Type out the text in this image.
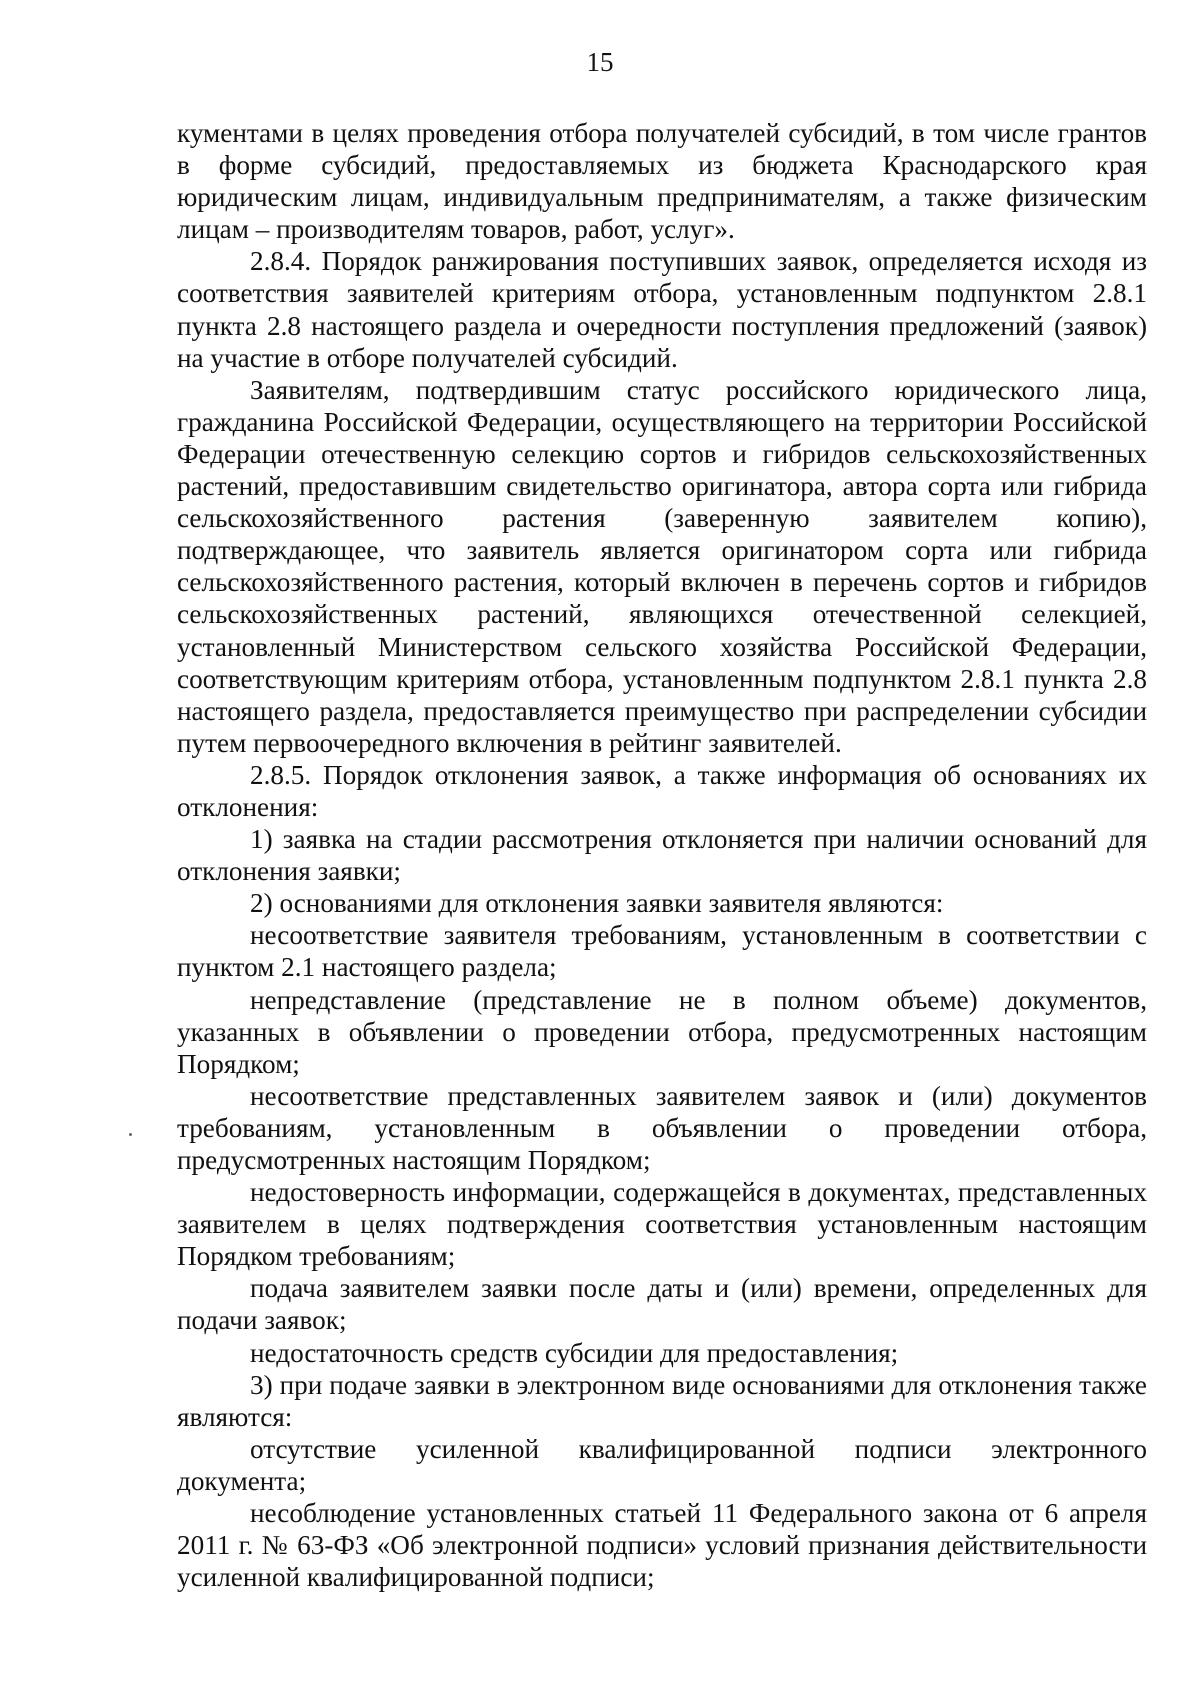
15

кументами в целях проведения отбора получателей субсидий, в том числе грантов в форме субсидий, предоставляемых из бюджета Краснодарского края юридическим лицам, индивидуальным предпринимателям, а также физическим лицам – производителям товаров, работ, услуг».

2.8.4. Порядок ранжирования поступивших заявок, определяется исходя из соответствия заявителей критериям отбора, установленным подпунктом 2.8.1 пункта 2.8 настоящего раздела и очередности поступления предложений (заявок) на участие в отборе получателей субсидий.

Заявителям, подтвердившим статус российского юридического лица, гражданина Российской Федерации, осуществляющего на территории Российской Федерации отечественную селекцию сортов и гибридов сельскохозяйственных растений, предоставившим свидетельство оригинатора, автора сорта или гибрида сельскохозяйственного растения (заверенную заявителем копию), подтверждающее, что заявитель является оригинатором сорта или гибрида сельскохозяйственного растения, который включен в перечень сортов и гибридов сельскохозяйственных растений, являющихся отечественной селекцией, установленный Министерством сельского хозяйства Российской Федерации, соответствующим критериям отбора, установленным подпунктом 2.8.1 пункта 2.8 настоящего раздела, предоставляется преимущество при распределении субсидии путем первоочередного включения в рейтинг заявителей.

2.8.5. Порядок отклонения заявок, а также информация об основаниях их отклонения:

1) заявка на стадии рассмотрения отклоняется при наличии оснований для отклонения заявки;

2) основаниями для отклонения заявки заявителя являются:

несоответствие заявителя требованиям, установленным в соответствии с пунктом 2.1 настоящего раздела;

непредставление (представление не в полном объеме) документов, указанных в объявлении о проведении отбора, предусмотренных настоящим Порядком;

несоответствие представленных заявителем заявок и (или) документов требованиям, установленным в объявлении о проведении отбора, предусмотренных настоящим Порядком;

недостоверность информации, содержащейся в документах, представленных заявителем в целях подтверждения соответствия установленным настоящим Порядком требованиям;

подача заявителем заявки после даты и (или) времени, определенных для подачи заявок;

недостаточность средств субсидии для предоставления;

3) при подаче заявки в электронном виде основаниями для отклонения также являются:

отсутствие усиленной квалифицированной подписи электронного документа;

несоблюдение установленных статьей 11 Федерального закона от 6 апреля 2011 г. № 63-ФЗ «Об электронной подписи» условий признания действительности усиленной квалифицированной подписи;
